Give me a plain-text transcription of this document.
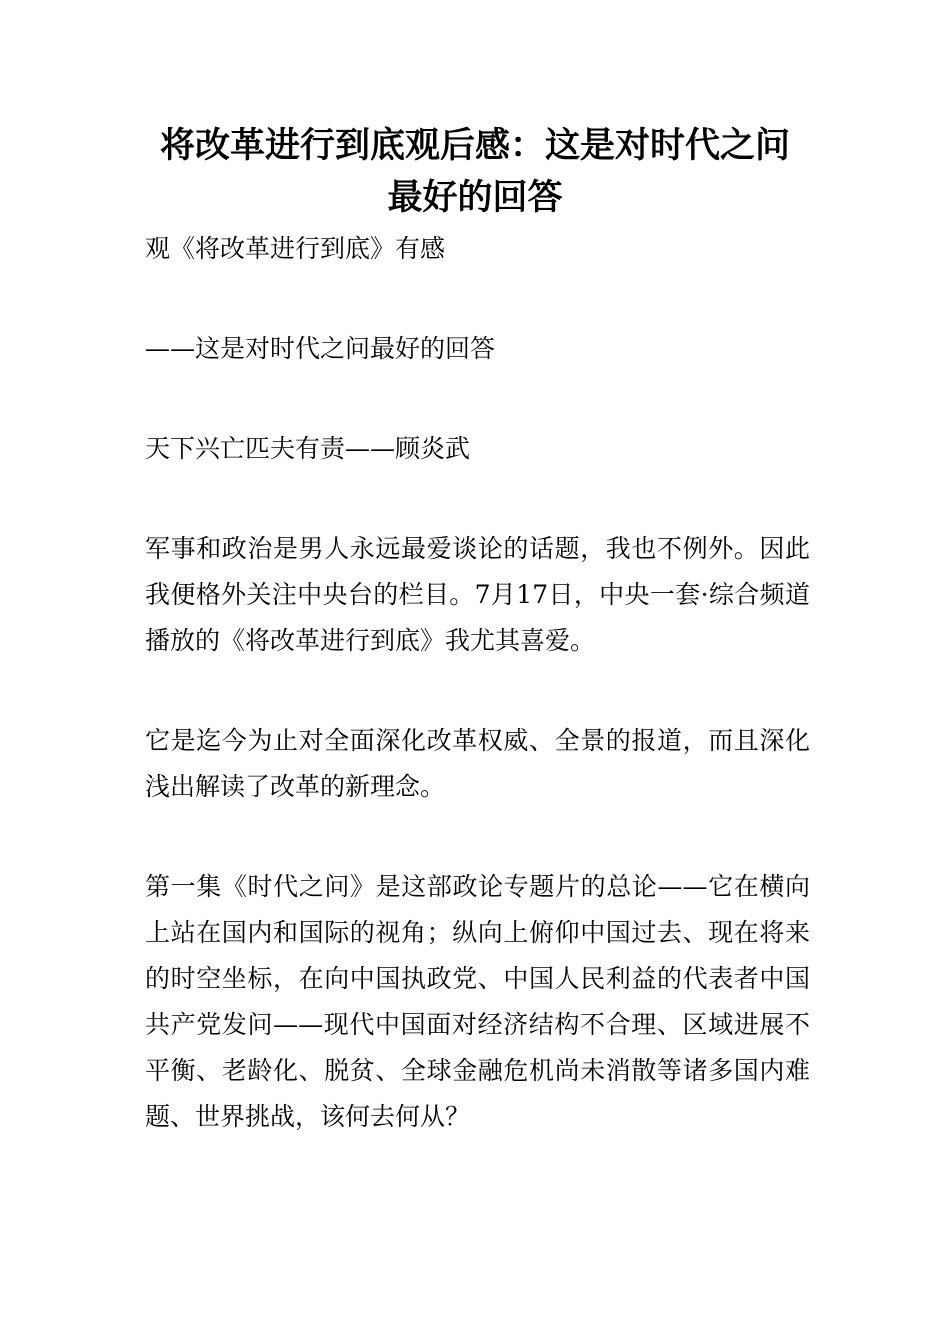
将改革进行到底观后感：这是对时代之问最好的回答

观《将改革进行到底》有感

——这是对时代之问最好的回答

天下兴亡匹夫有责——顾炎武

军事和政治是男人永远最爱谈论的话题，我也不例外。因此我便格外关注中央台的栏目。7月17日，中央一套·综合频道播放的《将改革进行到底》我尤其喜爱。

它是迄今为止对全面深化改革权威、全景的报道，而且深化浅出解读了改革的新理念。

第一集《时代之问》是这部政论专题片的总论——它在横向上站在国内和国际的视角；纵向上俯仰中国过去、现在将来的时空坐标，在向中国执政党、中国人民利益的代表者中国共产党发问——现代中国面对经济结构不合理、区域进展不平衡、老龄化、脱贫、全球金融危机尚未消散等诸多国内难题、世界挑战，该何去何从？
